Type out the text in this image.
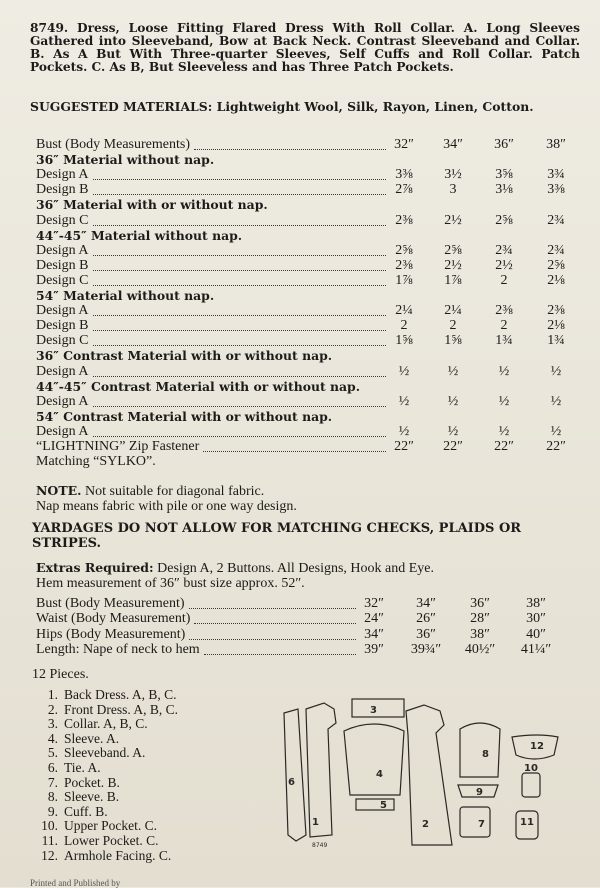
8749. Dress, Loose Fitting Flared Dress With Roll Collar. A. Long Sleeves Gathered into Sleeveband, Bow at Back Neck. Contrast Sleeveband and Collar. B. As A But With Three-quarter Sleeves, Self Cuffs and Roll Collar. Patch Pockets. C. As B, But Sleeveless and has Three Patch Pockets.
SUGGESTED MATERIALS: Lightweight Wool, Silk, Rayon, Linen, Cotton.
Bust (Body Measurements)	32″	34″	36″	38″
36″ Material without nap.
Design A	3⅜	3½	3⅝	3¾
Design B	2⅞	3	3⅛	3⅜
36″ Material with or without nap.
Design C	2⅜	2½	2⅝	2¾
44″-45″ Material without nap.
Design A	2⅝	2⅝	2¾	2¾
Design B	2⅜	2½	2½	2⅝
Design C	1⅞	1⅞	2	2⅛
54″ Material without nap.
Design A	2¼	2¼	2⅜	2⅜
Design B	2	2	2	2⅛
Design C	1⅝	1⅝	1¾	1¾
36″ Contrast Material with or without nap.
Design A	½	½	½	½
44″-45″ Contrast Material with or without nap.
Design A	½	½	½	½
54″ Contrast Material with or without nap.
Design A	½	½	½	½
“LIGHTNING” Zip Fastener	22″	22″	22″	22″
Matching “SYLKO”.
NOTE. Not suitable for diagonal fabric.
Nap means fabric with pile or one way design.
YARDAGES DO NOT ALLOW FOR MATCHING CHECKS, PLAIDS OR STRIPES.
Extras Required: Design A, 2 Buttons. All Designs, Hook and Eye.
Hem measurement of 36″ bust size approx. 52″.
Bust (Body Measurement)	32″	34″	36″	38″
Waist (Body Measurement)	24″	26″	28″	30″
Hips (Body Measurement)	34″	36″	38″	40″
Length: Nape of neck to hem	39″	39¾″	40½″	41¼″
12 Pieces.
1. Back Dress. A, B, C.
2. Front Dress. A, B, C.
3. Collar. A, B, C.
4. Sleeve. A.
5. Sleeveband. A.
6. Tie. A.
7. Pocket. B.
8. Sleeve. B.
9. Cuff. B.
10. Upper Pocket. C.
11. Lower Pocket. C.
12. Armhole Facing. C.
6
1
3
4
5
2
8
9
7
12
10
11
8749
Printed and Published by
